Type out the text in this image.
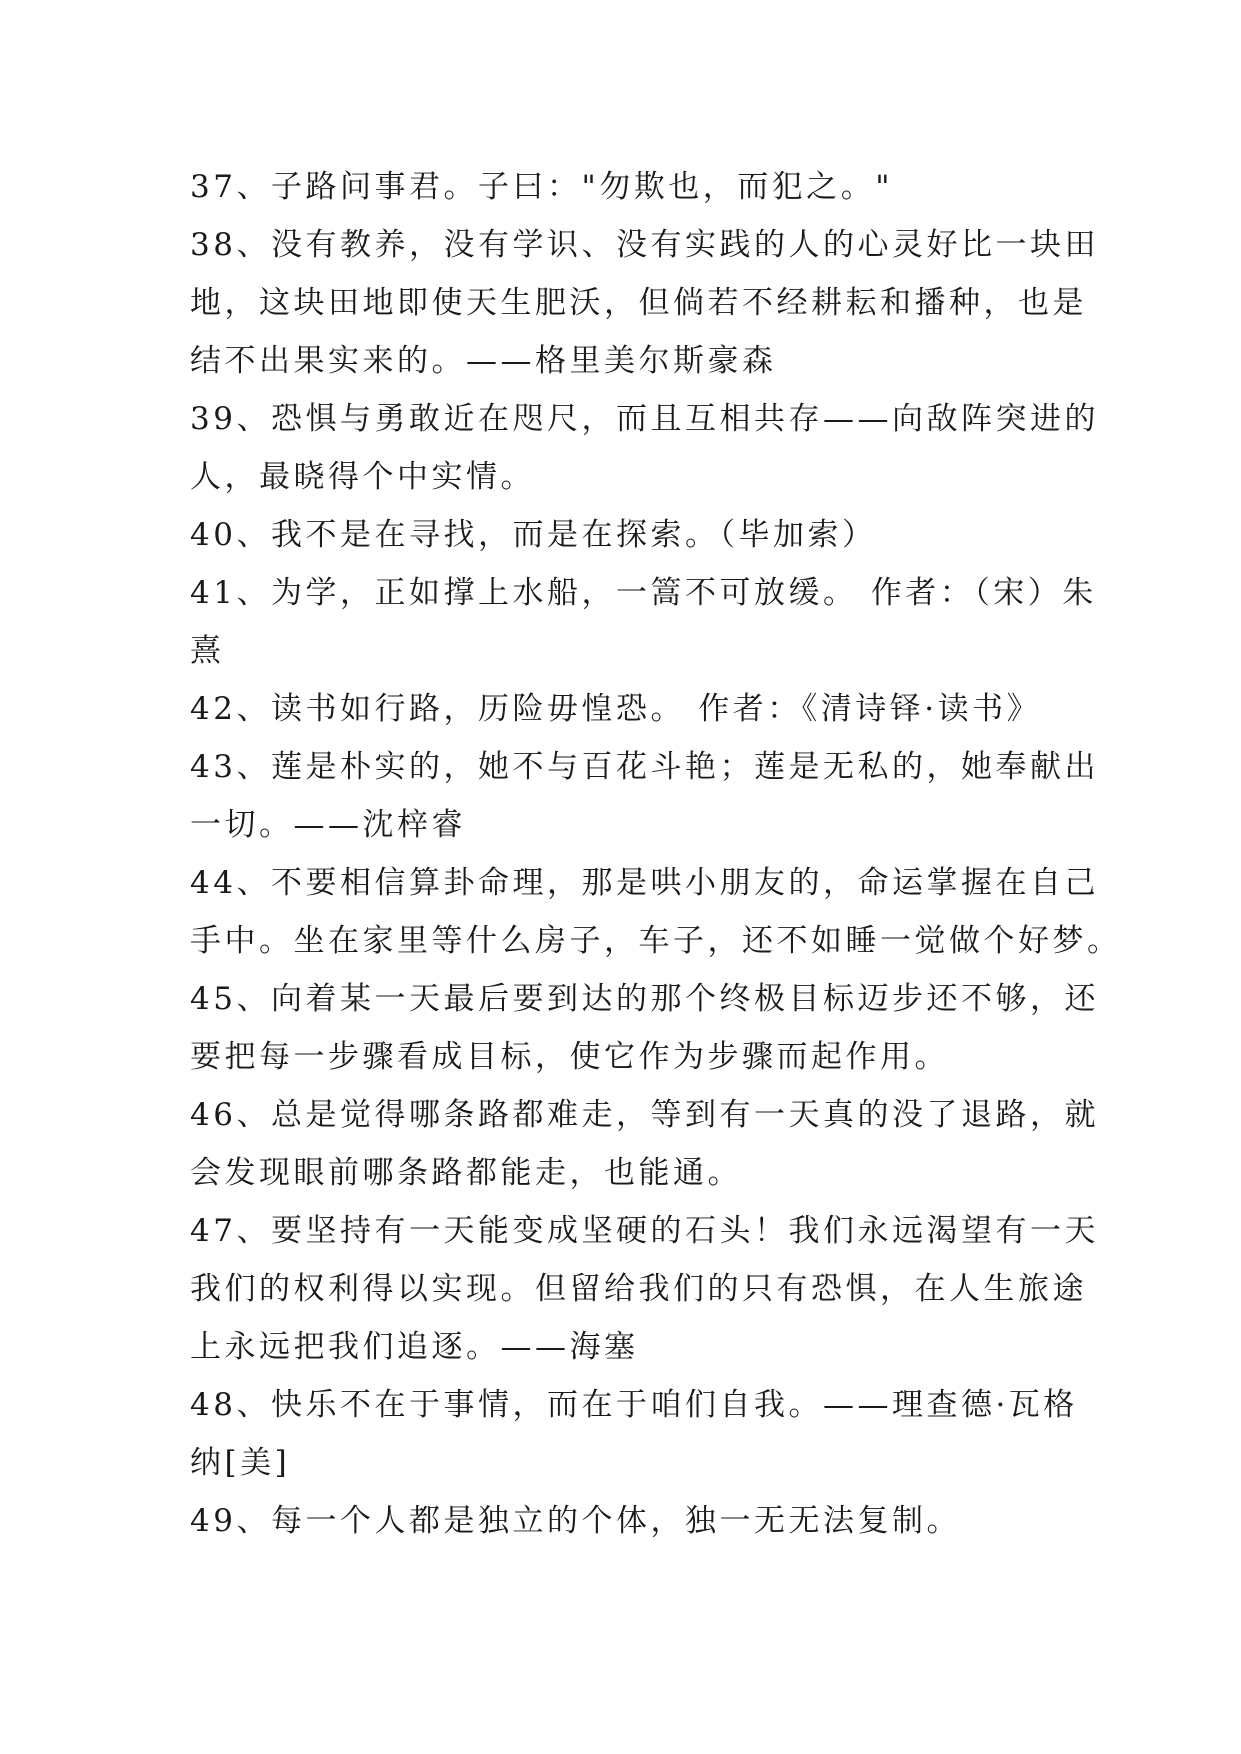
37、子路问事君。子曰："勿欺也，而犯之。"
38、没有教养，没有学识、没有实践的人的心灵好比一块田
地，这块田地即使天生肥沃，但倘若不经耕耘和播种，也是
结不出果实来的。——格里美尔斯豪森
39、恐惧与勇敢近在咫尺，而且互相共存——向敌阵突进的
人，最晓得个中实情。
40、我不是在寻找，而是在探索。（毕加索）
41、为学，正如撑上水船，一篙不可放缓。 作者：（宋）朱
熹
42、读书如行路，历险毋惶恐。 作者：《清诗铎·读书》
43、莲是朴实的，她不与百花斗艳；莲是无私的，她奉献出
一切。——沈梓睿
44、不要相信算卦命理，那是哄小朋友的，命运掌握在自己
手中。坐在家里等什么房子，车子，还不如睡一觉做个好梦。
45、向着某一天最后要到达的那个终极目标迈步还不够，还
要把每一步骤看成目标，使它作为步骤而起作用。
46、总是觉得哪条路都难走，等到有一天真的没了退路，就
会发现眼前哪条路都能走，也能通。
47、要坚持有一天能变成坚硬的石头！我们永远渴望有一天
我们的权利得以实现。但留给我们的只有恐惧，在人生旅途
上永远把我们追逐。——海塞
48、快乐不在于事情，而在于咱们自我。——理查德·瓦格
纳[美]
49、每一个人都是独立的个体，独一无无法复制。
